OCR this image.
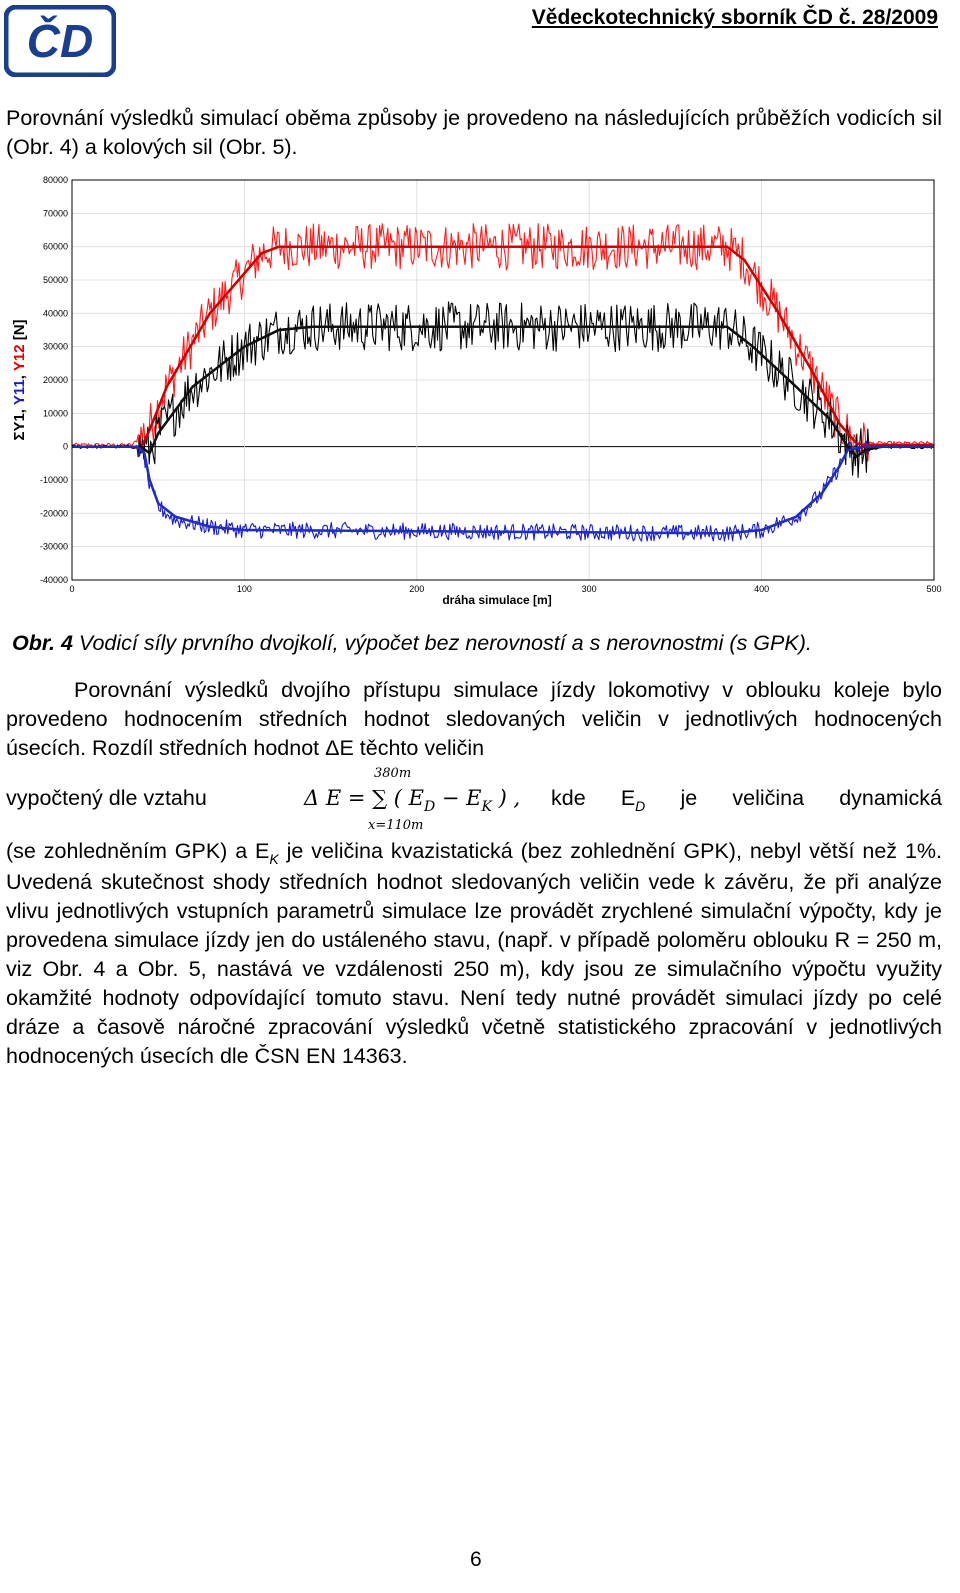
ČD	Vědeckotechnický sborník ČD č. 28/2009
Porovnání výsledků simulací oběma způsoby je provedeno na následujících průběžích vodicích sil (Obr. 4) a kolových sil (Obr. 5).
80000
70000
60000
50000
40000
30000
20000
10000
0
-10000
-20000
-30000
-40000
0	100	200	300	400	500
dráha simulace [m]
ΣY1, Y11, Y12 [N]
Obr. 4 Vodicí síly prvního dvojkolí, výpočet bez nerovností a s nerovnostmi (s GPK).
Porovnání výsledků dvojího přístupu simulace jízdy lokomotivy v oblouku koleje bylo provedeno hodnocením středních hodnot sledovaných veličin v jednotlivých hodnocených úsecích. Rozdíl středních hodnot ΔE těchto veličin
vypočtený dle vztahu	Δ E = ∑ ( $E_D - E_K$ ) ,
380m
x=110m
kde $E_D$ je veličina dynamická
(se zohledněním GPK) a $E_K$ je veličina kvazistatická (bez zohlednění GPK), nebyl větší než 1%. Uvedená skutečnost shody středních hodnot sledovaných veličin vede k závěru, že při analýze vlivu jednotlivých vstupních parametrů simulace lze provádět zrychlené simulační výpočty, kdy je provedena simulace jízdy jen do ustáleného stavu, (např. v případě poloměru oblouku R = 250 m, viz Obr. 4 a Obr. 5, nastává ve vzdálenosti 250 m), kdy jsou ze simulačního výpočtu využity okamžité hodnoty odpovídající tomuto stavu. Není tedy nutné provádět simulaci jízdy po celé dráze a časově náročné zpracování výsledků včetně statistického zpracování v jednotlivých hodnocených úsecích dle ČSN EN 14363.
6
